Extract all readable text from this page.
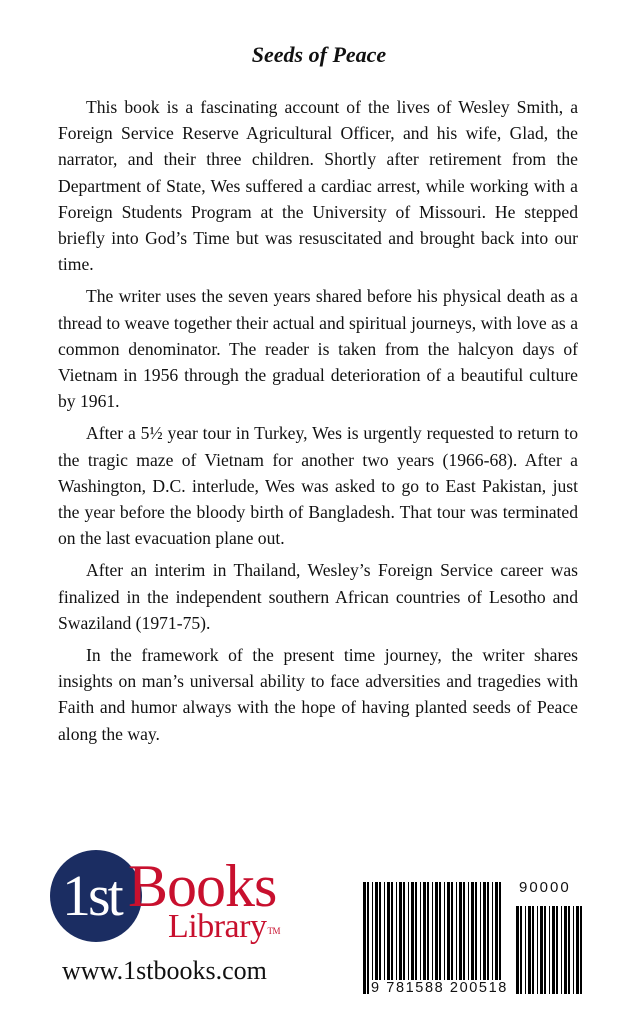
Seeds of Peace

This book is a fascinating account of the lives of Wesley Smith, a Foreign Service Reserve Agricultural Officer, and his wife, Glad, the narrator, and their three children. Shortly after retirement from the Department of State, Wes suffered a cardiac arrest, while working with a Foreign Students Program at the University of Missouri. He stepped briefly into God’s Time but was resuscitated and brought back into our time.

The writer uses the seven years shared before his physical death as a thread to weave together their actual and spiritual journeys, with love as a common denominator. The reader is taken from the halcyon days of Vietnam in 1956 through the gradual deterioration of a beautiful culture by 1961.

After a 5½ year tour in Turkey, Wes is urgently requested to return to the tragic maze of Vietnam for another two years (1966-68). After a Washington, D.C. interlude, Wes was asked to go to East Pakistan, just the year before the bloody birth of Bangladesh. That tour was terminated on the last evacuation plane out.

After an interim in Thailand, Wesley’s Foreign Service career was finalized in the independent southern African countries of Lesotho and Swaziland (1971-75).

In the framework of the present time journey, the writer shares insights on man’s universal ability to face adversities and tragedies with Faith and humor always with the hope of having planted seeds of Peace along the way.

1st Books
Library™
www.1stbooks.com
90000
9 781588 200518
